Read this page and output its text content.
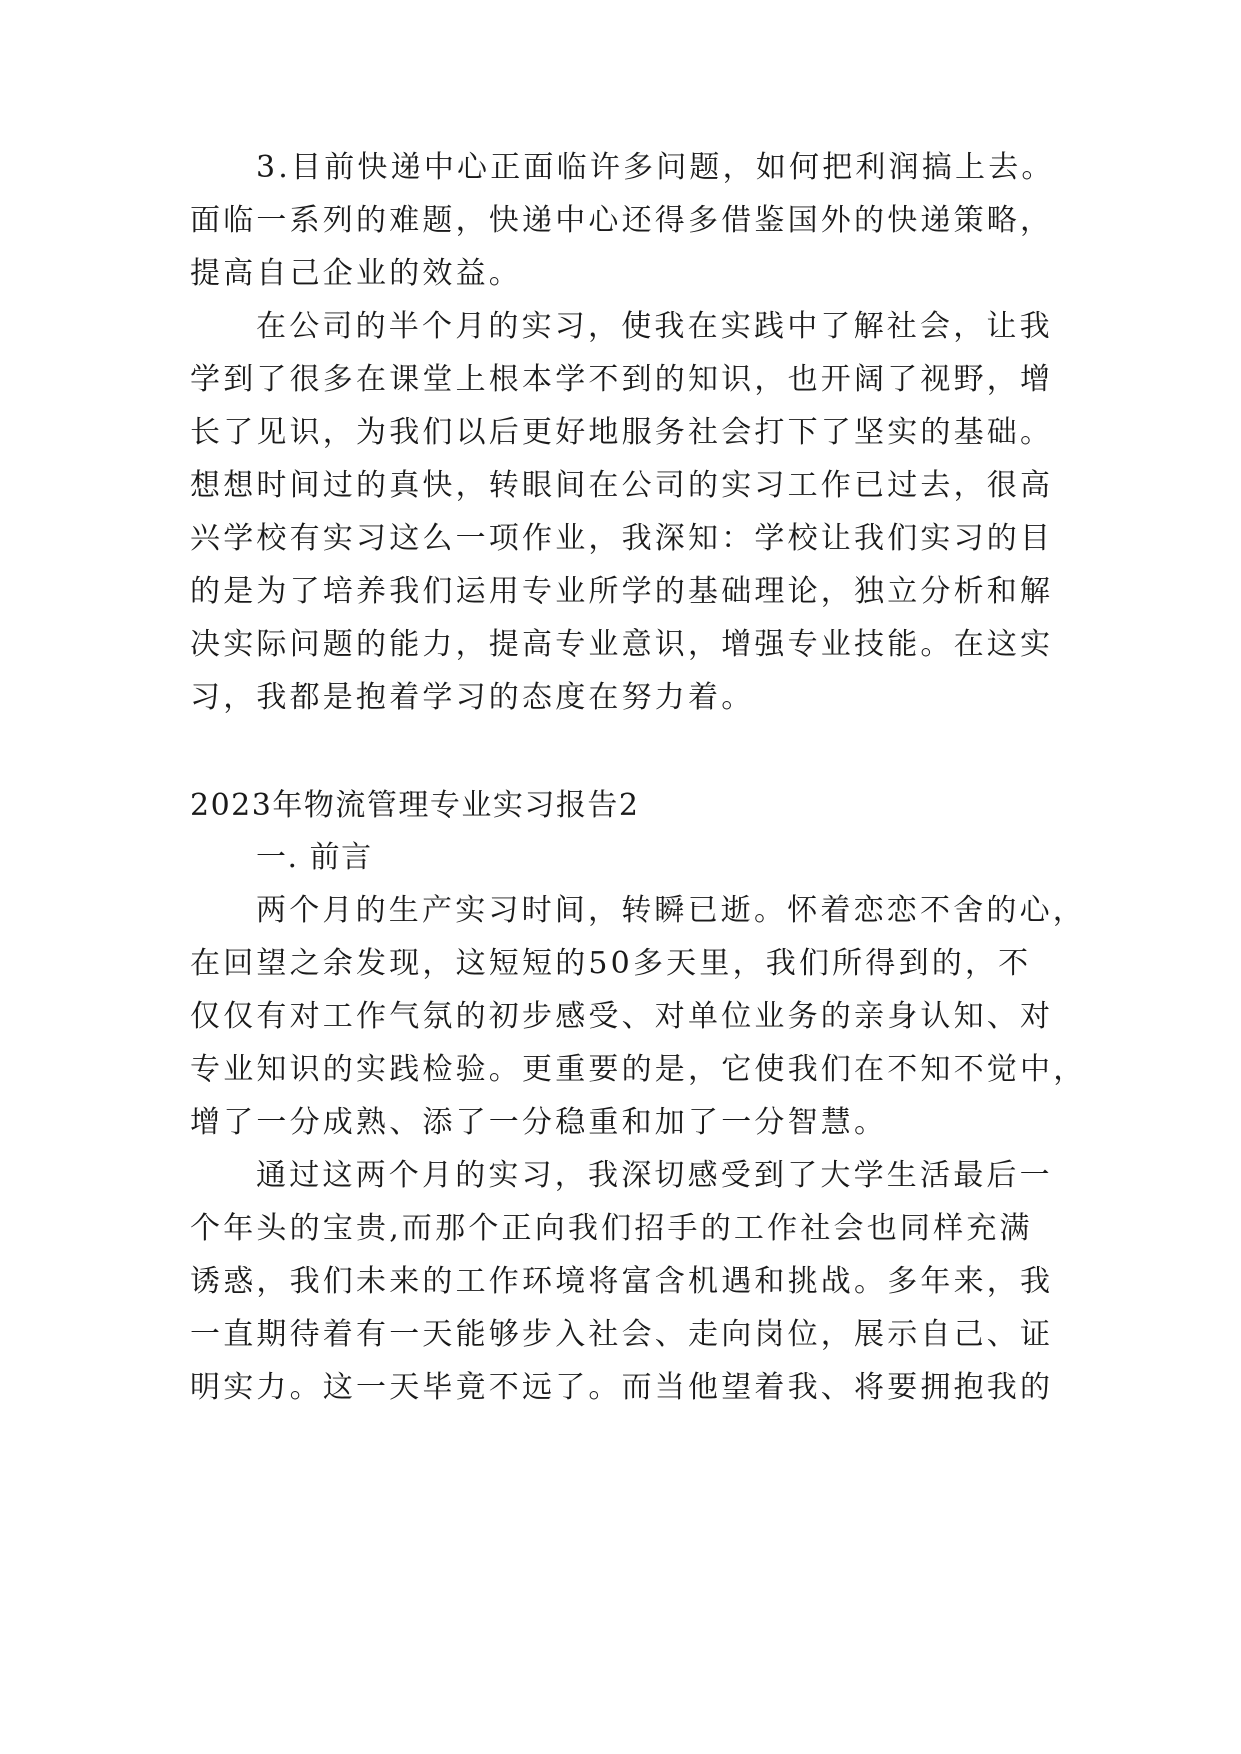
3.目前快递中心正面临许多问题，如何把利润搞上去。
面临一系列的难题，快递中心还得多借鉴国外的快递策略，
提高自己企业的效益。
在公司的半个月的实习，使我在实践中了解社会，让我
学到了很多在课堂上根本学不到的知识，也开阔了视野，增
长了见识，为我们以后更好地服务社会打下了坚实的基础。
想想时间过的真快，转眼间在公司的实习工作已过去，很高
兴学校有实习这么一项作业，我深知：学校让我们实习的目
的是为了培养我们运用专业所学的基础理论，独立分析和解
决实际问题的能力，提高专业意识，增强专业技能。在这实
习，我都是抱着学习的态度在努力着。
2023年物流管理专业实习报告2
一. 前言
两个月的生产实习时间，转瞬已逝。怀着恋恋不舍的心，
在回望之余发现，这短短的50多天里，我们所得到的，不
仅仅有对工作气氛的初步感受、对单位业务的亲身认知、对
专业知识的实践检验。更重要的是，它使我们在不知不觉中，
增了一分成熟、添了一分稳重和加了一分智慧。
通过这两个月的实习，我深切感受到了大学生活最后一
个年头的宝贵,而那个正向我们招手的工作社会也同样充满
诱惑，我们未来的工作环境将富含机遇和挑战。多年来，我
一直期待着有一天能够步入社会、走向岗位，展示自己、证
明实力。这一天毕竟不远了。而当他望着我、将要拥抱我的
